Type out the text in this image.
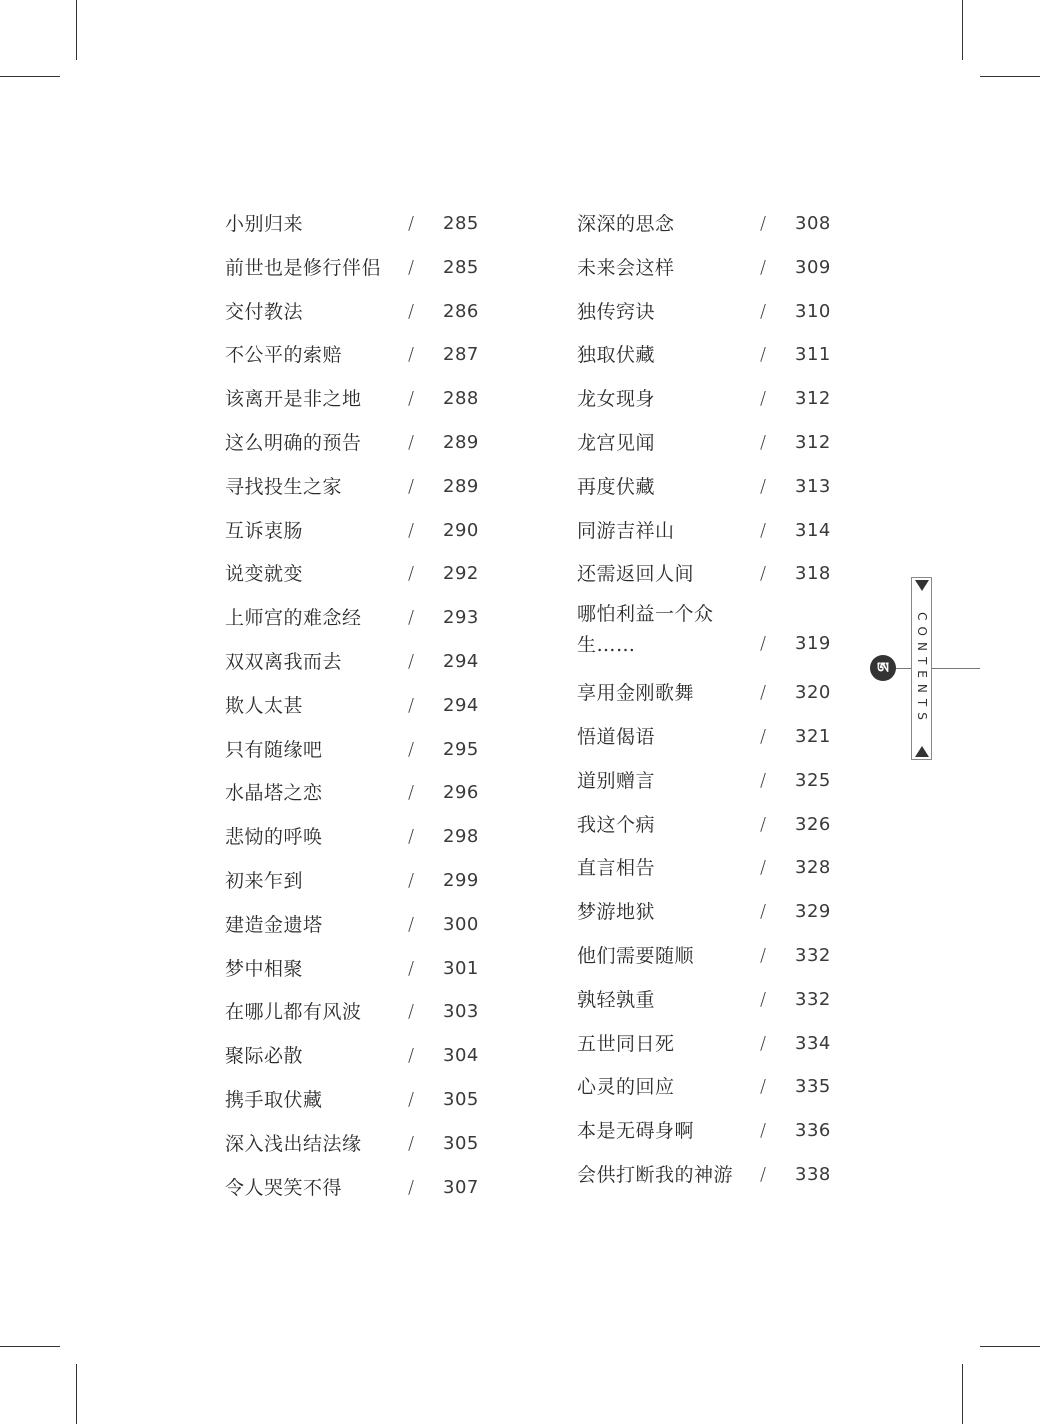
小别归来	/ 285
前世也是修行伴侣 / 285
交付教法	/ 286
不公平的索赔	/ 287
该离开是非之地	/ 288
这么明确的预告	/ 289
寻找投生之家	/ 289
互诉衷肠	/ 290
说变就变	/ 292
上师宫的难念经	/ 293
双双离我而去	/ 294
欺人太甚	/ 294
只有随缘吧	/ 295
水晶塔之恋	/ 296
悲恸的呼唤	/ 298
初来乍到	/ 299
建造金遗塔	/ 300
梦中相聚	/ 301
在哪儿都有风波	/ 303
聚际必散	/ 304
携手取伏藏	/ 305
深入浅出结法缘	/ 305
令人哭笑不得	/ 307
深深的思念	/ 308
未来会这样	/ 309
独传窍诀	/ 310
独取伏藏	/ 311
龙女现身	/ 312
龙宫见闻	/ 312
再度伏藏	/ 313
同游吉祥山	/ 314
还需返回人间	/ 318
哪怕利益一个众生……	/ 319
享用金刚歌舞	/ 320
悟道偈语	/ 321
道别赠言	/ 325
我这个病	/ 326
直言相告	/ 328
梦游地狱	/ 329
他们需要随顺	/ 332
孰轻孰重	/ 332
五世同日死	/ 334
心灵的回应	/ 335
本是无碍身啊	/ 336
会供打断我的神游 / 338
CONTENTS
ཨ
